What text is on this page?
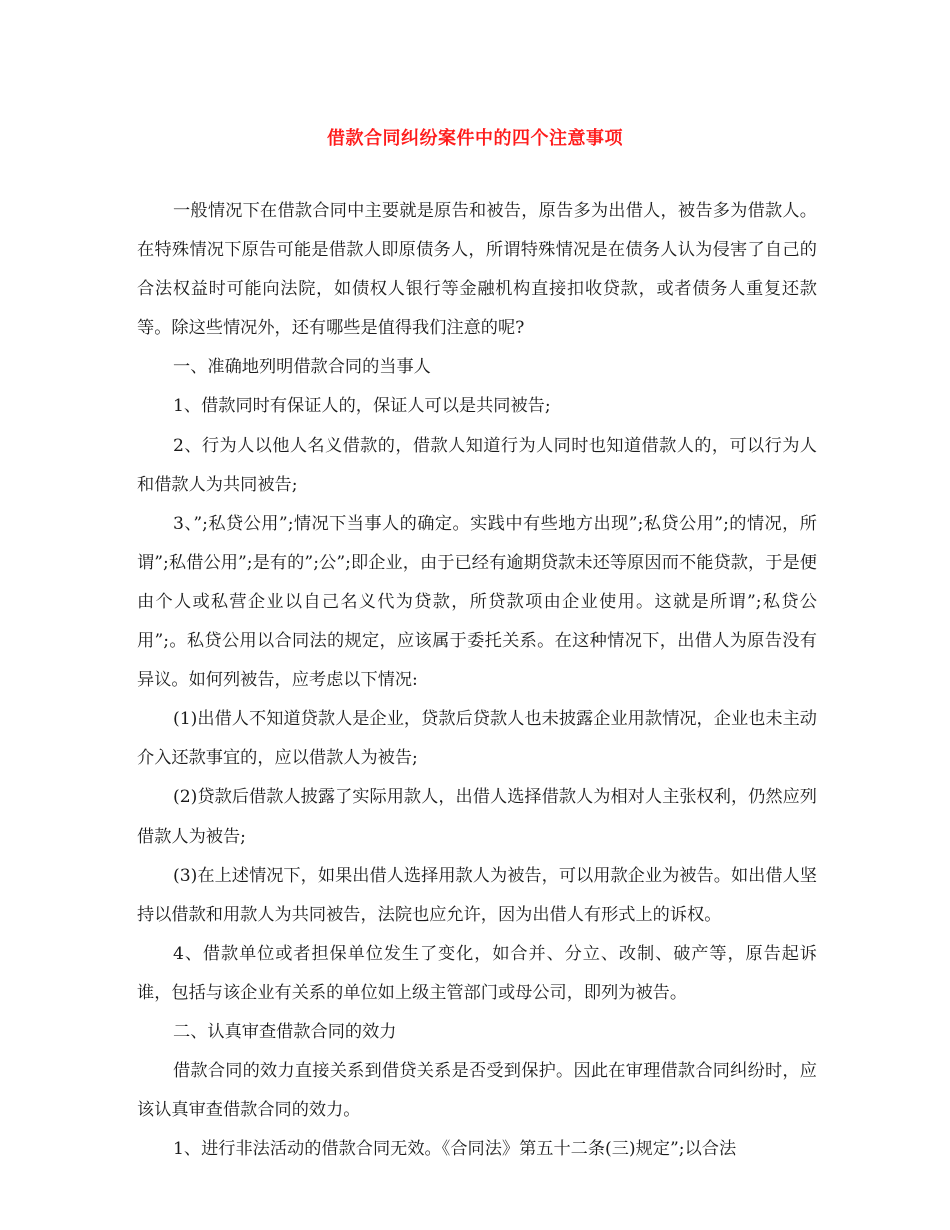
借款合同纠纷案件中的四个注意事项

一般情况下在借款合同中主要就是原告和被告，原告多为出借人，被告多为借款人。在特殊情况下原告可能是借款人即原债务人，所谓特殊情况是在债务人认为侵害了自己的合法权益时可能向法院，如债权人银行等金融机构直接扣收贷款，或者债务人重复还款等。除这些情况外，还有哪些是值得我们注意的呢?

一、准确地列明借款合同的当事人

1、借款同时有保证人的，保证人可以是共同被告;

2、行为人以他人名义借款的，借款人知道行为人同时也知道借款人的，可以行为人和借款人为共同被告;

3、”;私贷公用”;情况下当事人的确定。实践中有些地方出现”;私贷公用”;的情况，所谓”;私借公用”;是有的”;公”;即企业，由于已经有逾期贷款未还等原因而不能贷款，于是便由个人或私营企业以自己名义代为贷款，所贷款项由企业使用。这就是所谓”;私贷公用”;。私贷公用以合同法的规定，应该属于委托关系。在这种情况下，出借人为原告没有异议。如何列被告，应考虑以下情况:

(1)出借人不知道贷款人是企业，贷款后贷款人也未披露企业用款情况，企业也未主动介入还款事宜的，应以借款人为被告;

(2)贷款后借款人披露了实际用款人，出借人选择借款人为相对人主张权利，仍然应列借款人为被告;

(3)在上述情况下，如果出借人选择用款人为被告，可以用款企业为被告。如出借人坚持以借款和用款人为共同被告，法院也应允许，因为出借人有形式上的诉权。

4、借款单位或者担保单位发生了变化，如合并、分立、改制、破产等，原告起诉谁，包括与该企业有关系的单位如上级主管部门或母公司，即列为被告。

二、认真审查借款合同的效力

借款合同的效力直接关系到借贷关系是否受到保护。因此在审理借款合同纠纷时，应该认真审查借款合同的效力。

1、进行非法活动的借款合同无效。《合同法》第五十二条(三)规定”;以合法
